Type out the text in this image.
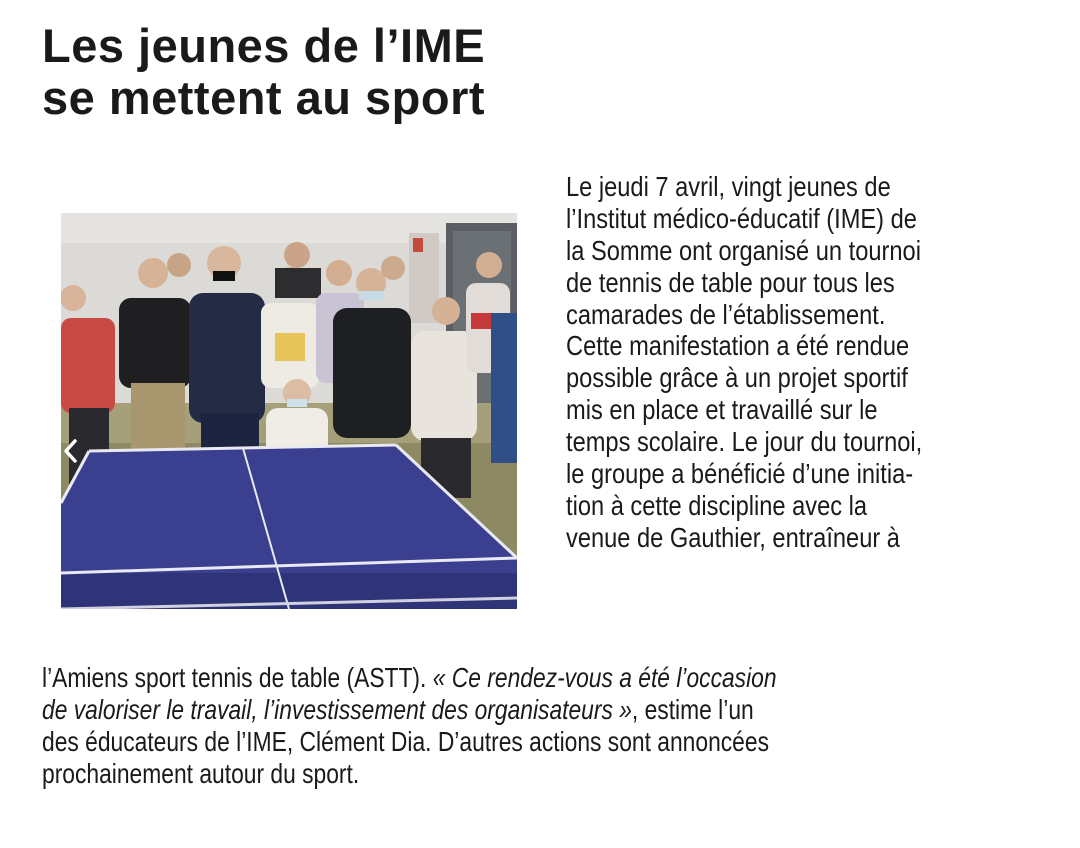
Les jeunes de l’IME
se mettent au sport
Le jeudi 7 avril, vingt jeunes de
l’Institut médico-éducatif (IME) de
la Somme ont organisé un tournoi
de tennis de table pour tous les
camarades de l’établissement.
Cette manifestation a été rendue
possible grâce à un projet sportif
mis en place et travaillé sur le
temps scolaire. Le jour du tournoi,
le groupe a bénéficié d’une initia-
tion à cette discipline avec la
venue de Gauthier, entraîneur à
l’Amiens sport tennis de table (ASTT). « Ce rendez-vous a été l’occasion
de valoriser le travail, l’investissement des organisateurs », estime l’un
des éducateurs de l’IME, Clément Dia. D’autres actions sont annoncées
prochainement autour du sport.
